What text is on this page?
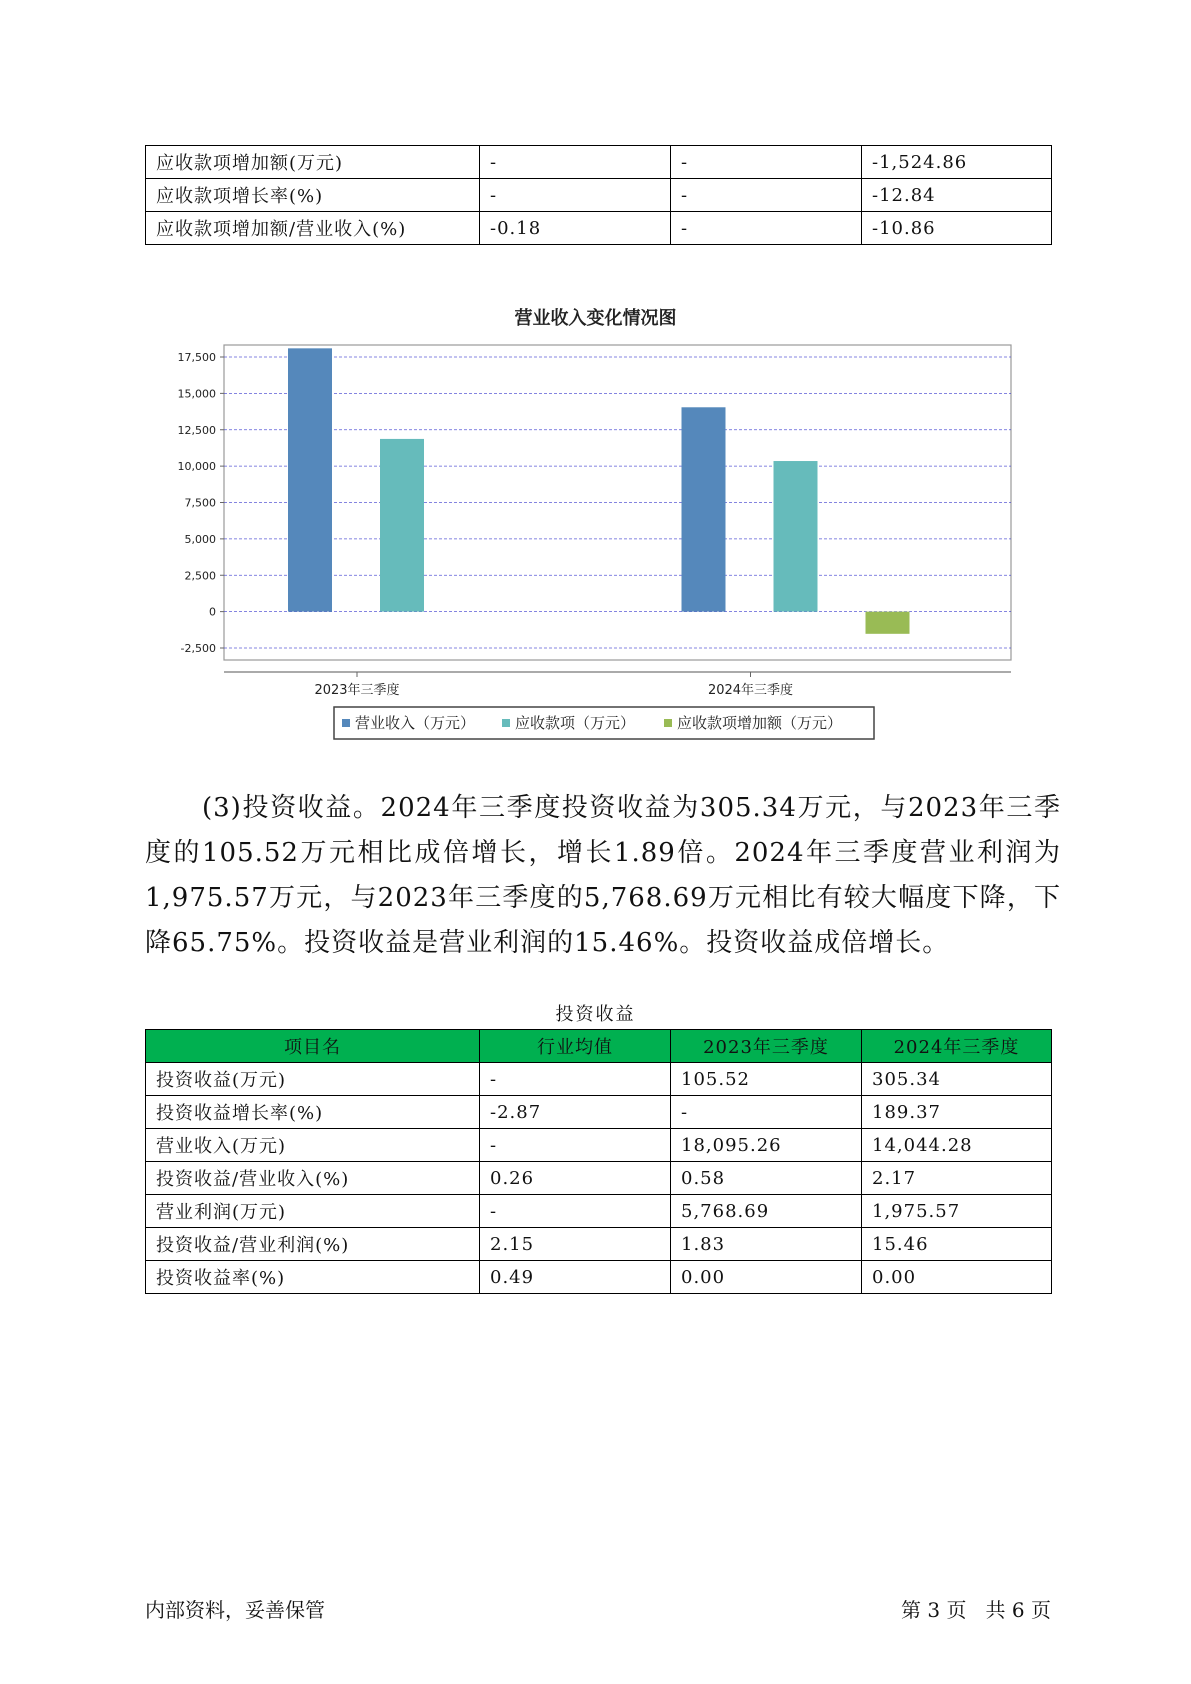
应收款项增加额(万元)	-	-	-1,524.86
应收款项增长率(%)	-	-	-12.84
应收款项增加额/营业收入(%)	-0.18	-	-10.86
营业收入变化情况图
17,500
15,000
12,500
10,000
7,500
5,000
2,500
0
-2,500
2023年三季度	2024年三季度
营业收入（万元）	应收款项（万元）	应收款项增加额（万元）
(3)投资收益。2024年三季度投资收益为305.34万元，与2023年三季度的105.52万元相比成倍增长，增长1.89倍。2024年三季度营业利润为1,975.57万元，与2023年三季度的5,768.69万元相比有较大幅度下降，下降65.75%。投资收益是营业利润的15.46%。投资收益成倍增长。
投资收益
项目名	行业均值	2023年三季度	2024年三季度
投资收益(万元)	-	105.52	305.34
投资收益增长率(%)	-2.87	-	189.37
营业收入(万元)	-	18,095.26	14,044.28
投资收益/营业收入(%)	0.26	0.58	2.17
营业利润(万元)	-	5,768.69	1,975.57
投资收益/营业利润(%)	2.15	1.83	15.46
投资收益率(%)	0.49	0.00	0.00
内部资料，妥善保管	第 3 页   共 6 页
